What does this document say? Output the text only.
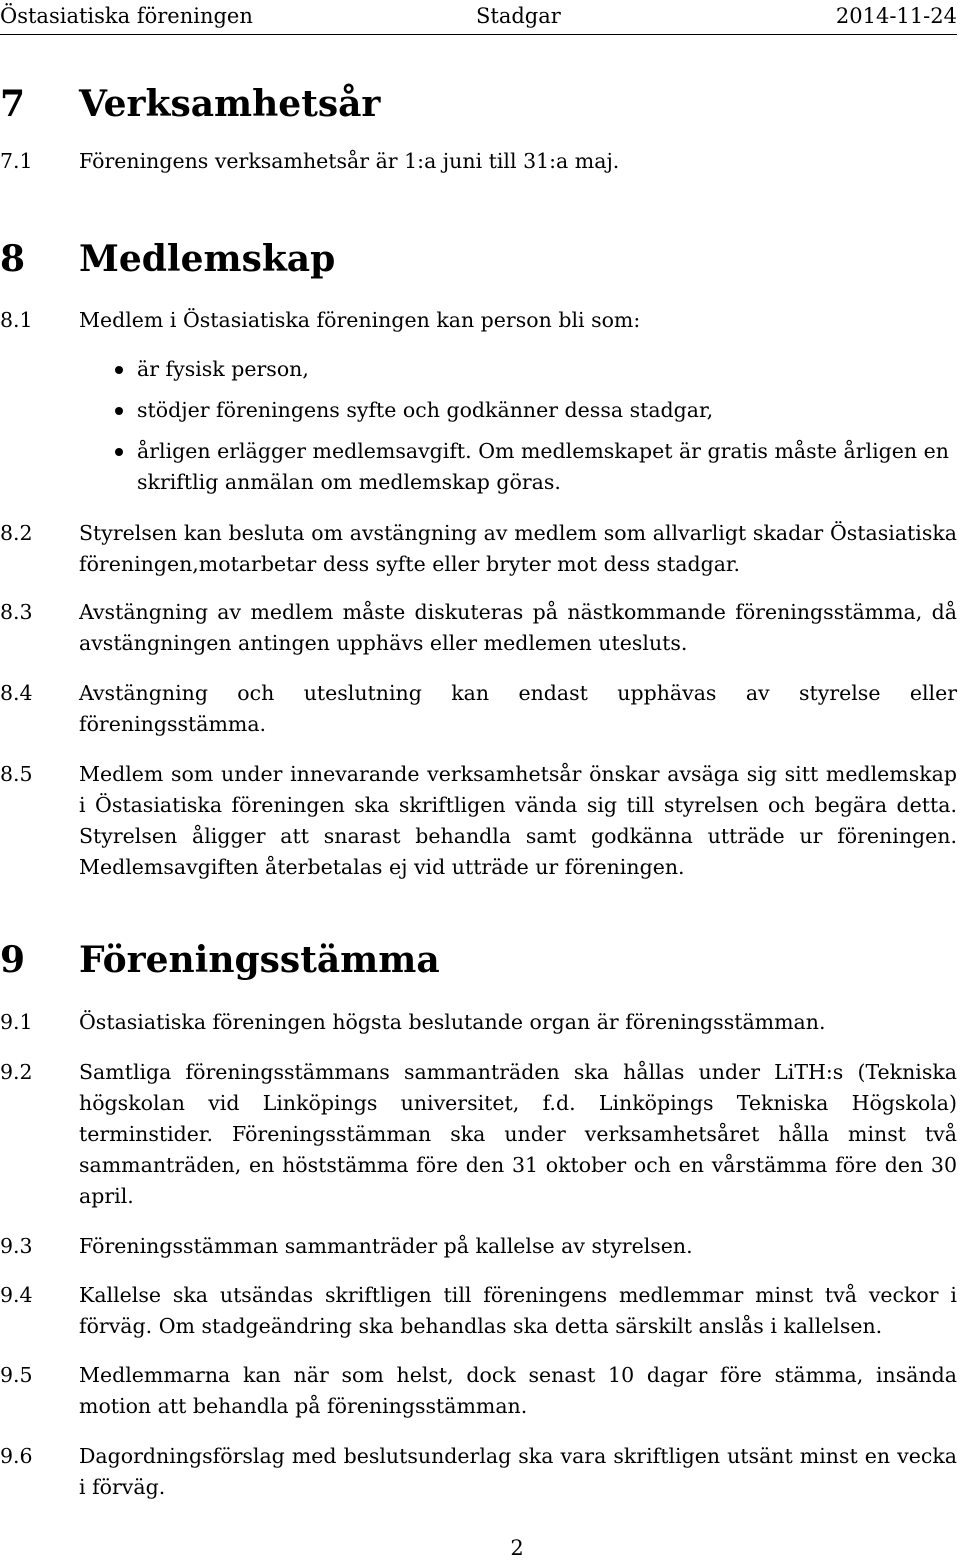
Östasiatiska föreningen	Stadgar	2014-11-24
7 Verksamhetsår
7.1 Föreningens verksamhetsår är 1:a juni till 31:a maj.
8 Medlemskap
8.1 Medlem i Östasiatiska föreningen kan person bli som:
är fysisk person,
stödjer föreningens syfte och godkänner dessa stadgar,
årligen erlägger medlemsavgift. Om medlemskapet är gratis måste årligen en skriftlig anmälan om medlemskap göras.
8.2 Styrelsen kan besluta om avstängning av medlem som allvarligt skadar Östasiatiska föreningen,motarbetar dess syfte eller bryter mot dess stadgar.
8.3 Avstängning av medlem måste diskuteras på nästkommande föreningsstämma, då avstängningen antingen upphävs eller medlemen utesluts.
8.4 Avstängning och uteslutning kan endast upphävas av styrelse eller föreningsstämma.
8.5 Medlem som under innevarande verksamhetsår önskar avsäga sig sitt medlemskap i Östasiatiska föreningen ska skriftligen vända sig till styrelsen och begära detta. Styrelsen åligger att snarast behandla samt godkänna utträde ur föreningen. Medlemsavgiften återbetalas ej vid utträde ur föreningen.
9 Föreningsstämma
9.1 Östasiatiska föreningen högsta beslutande organ är föreningsstämman.
9.2 Samtliga föreningsstämmans sammanträden ska hållas under LiTH:s (Tekniska högskolan vid Linköpings universitet, f.d. Linköpings Tekniska Högskola) terminstider. Föreningsstämman ska under verksamhetsåret hålla minst två sammanträden, en höststämma före den 31 oktober och en vårstämma före den 30 april.
9.3 Föreningsstämman sammanträder på kallelse av styrelsen.
9.4 Kallelse ska utsändas skriftligen till föreningens medlemmar minst två veckor i förväg. Om stadgeändring ska behandlas ska detta särskilt anslås i kallelsen.
9.5 Medlemmarna kan när som helst, dock senast 10 dagar före stämma, insända motion att behandla på föreningsstämman.
9.6 Dagordningsförslag med beslutsunderlag ska vara skriftligen utsänt minst en vecka i förväg.
2
